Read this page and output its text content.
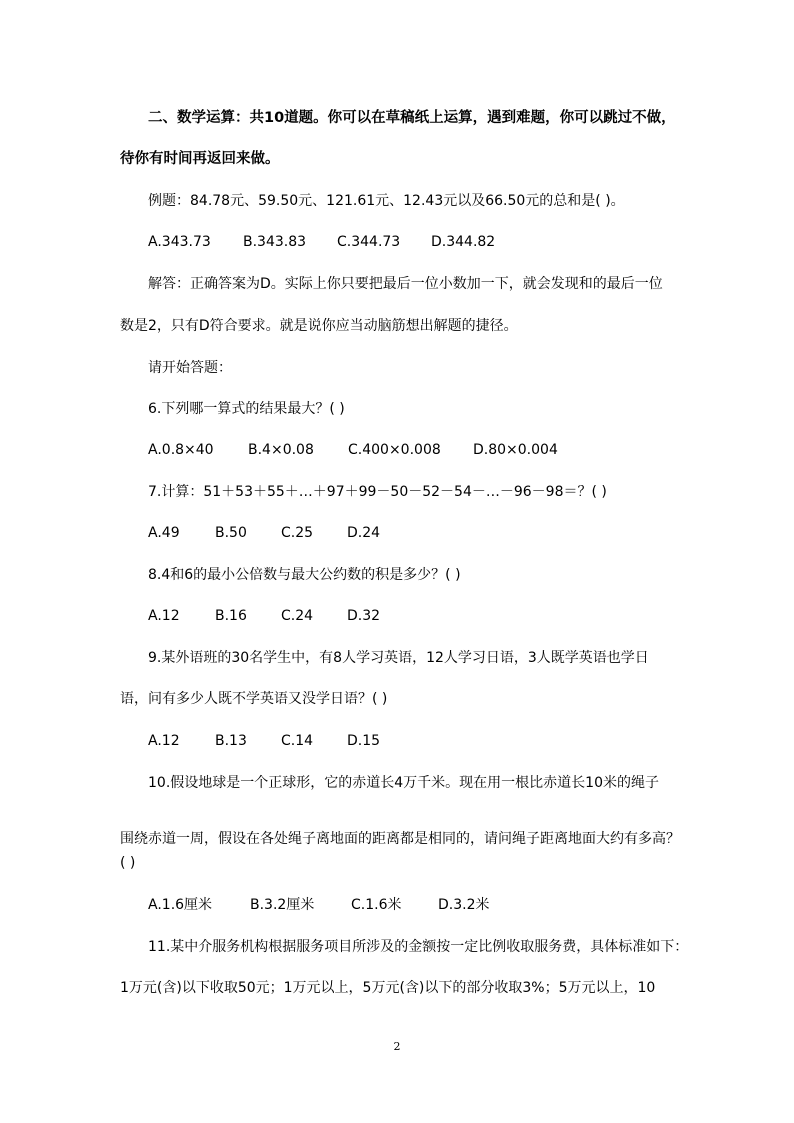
二、数学运算：共10道题。你可以在草稿纸上运算，遇到难题，你可以跳过不做，
待你有时间再返回来做。
例题：84.78元、59.50元、121.61元、12.43元以及66.50元的总和是( )。
A.343.73 B.343.83 C.344.73 D.344.82
解答：正确答案为D。实际上你只要把最后一位小数加一下，就会发现和的最后一位
数是2，只有D符合要求。就是说你应当动脑筋想出解题的捷径。
请开始答题：
6.下列哪一算式的结果最大？( )
A.0.8×40 B.4×0.08 C.400×0.008 D.80×0.004
7.计算：51＋53＋55＋…＋97＋99－50－52－54－…－96－98＝？( )
A.49	B.50 C.25 D.24
8.4和6的最小公倍数与最大公约数的积是多少？( )
A.12	B.16 C.24 D.32
9.某外语班的30名学生中，有8人学习英语，12人学习日语，3人既学英语也学日
语，问有多少人既不学英语又没学日语？( )
A.12	B.13 C.14 D.15
10.假设地球是一个正球形，它的赤道长4万千米。现在用一根比赤道长10米的绳子
围绕赤道一周，假设在各处绳子离地面的距离都是相同的，请问绳子距离地面大约有多高？
( )
A.1.6厘米	B.3.2厘米	C.1.6米	D.3.2米
11.某中介服务机构根据服务项目所涉及的金额按一定比例收取服务费，具体标准如下：
1万元(含)以下收取50元；1万元以上，5万元(含)以下的部分收取3%；5万元以上，10
2
